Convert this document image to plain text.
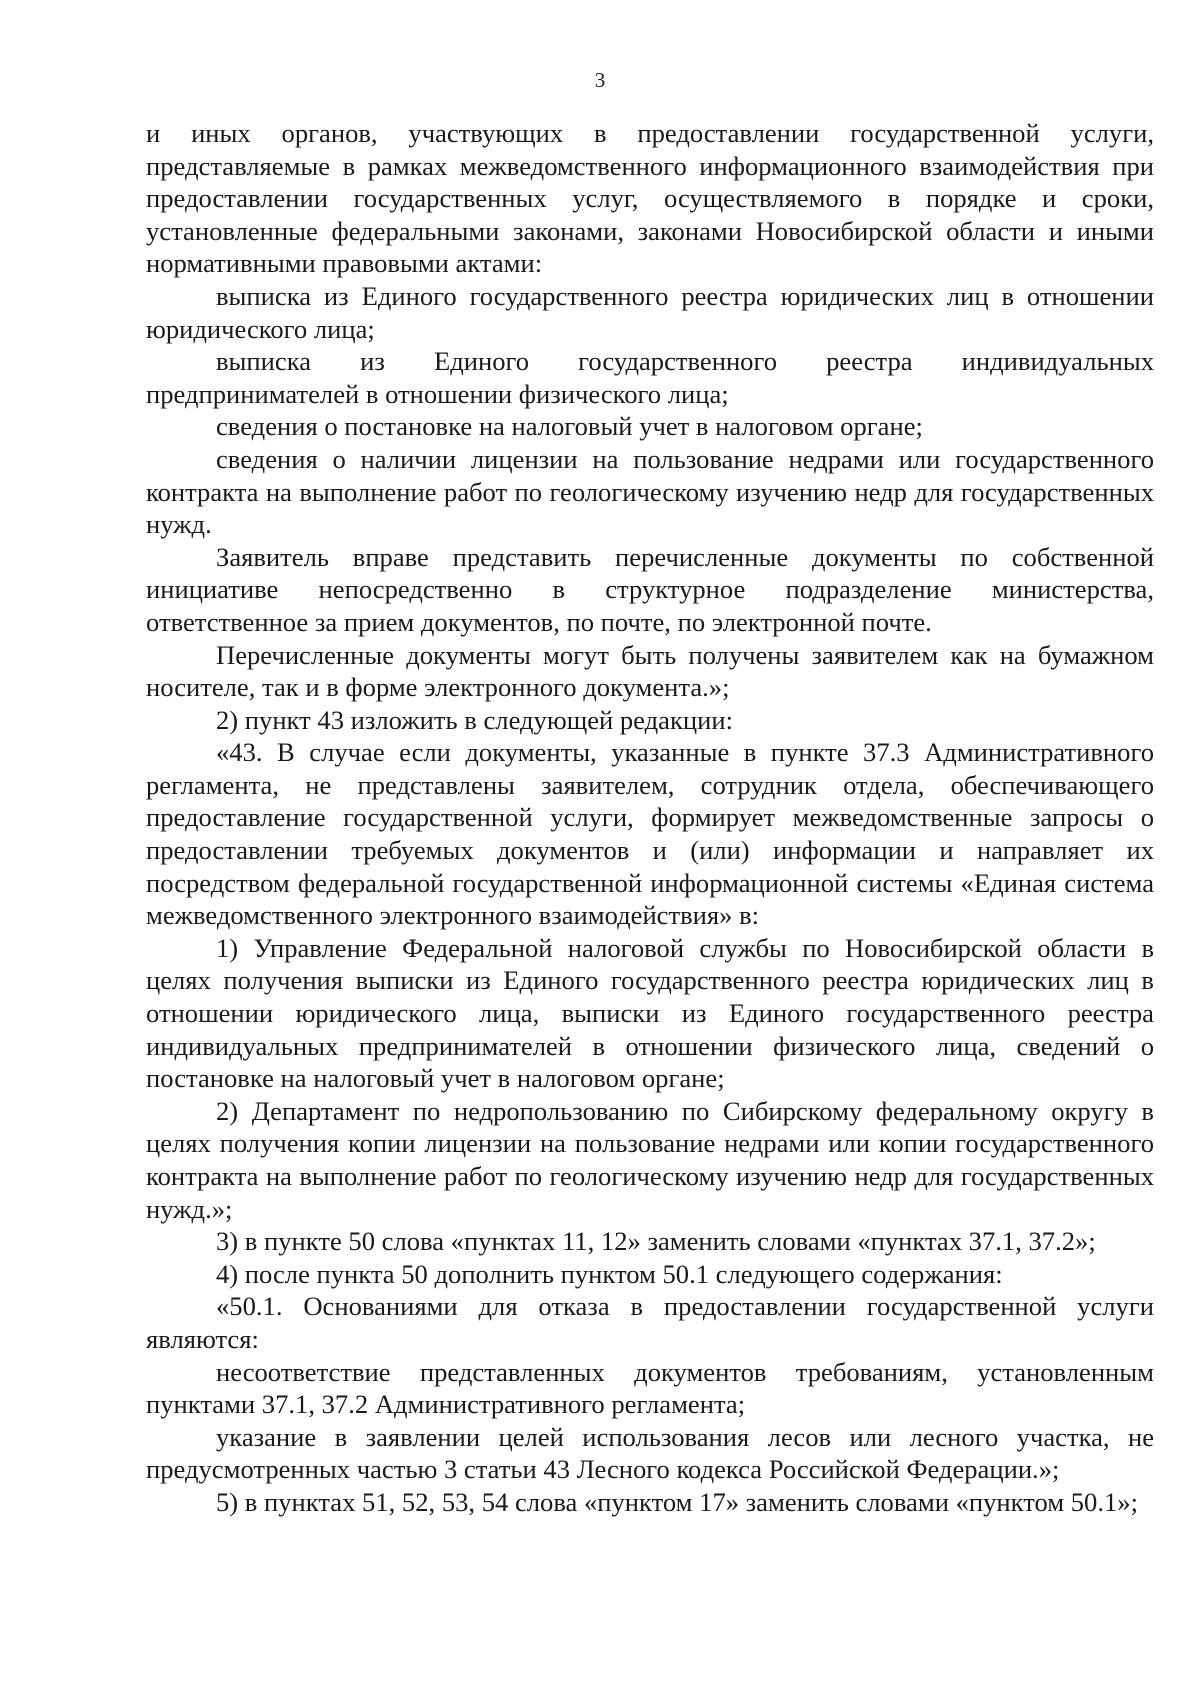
3

и иных органов, участвующих в предоставлении государственной услуги, представляемые в рамках межведомственного информационного взаимодействия при предоставлении государственных услуг, осуществляемого в порядке и сроки, установленные федеральными законами, законами Новосибирской области и иными нормативными правовыми актами:

выписка из Единого государственного реестра юридических лиц в отношении юридического лица;

выписка из Единого государственного реестра индивидуальных предпринимателей в отношении физического лица;

сведения о постановке на налоговый учет в налоговом органе;

сведения о наличии лицензии на пользование недрами или государственного контракта на выполнение работ по геологическому изучению недр для государственных нужд.

Заявитель вправе представить перечисленные документы по собственной инициативе непосредственно в структурное подразделение министерства, ответственное за прием документов, по почте, по электронной почте.

Перечисленные документы могут быть получены заявителем как на бумажном носителе, так и в форме электронного документа.»;

2) пункт 43 изложить в следующей редакции:

«43. В случае если документы, указанные в пункте 37.3 Административного регламента, не представлены заявителем, сотрудник отдела, обеспечивающего предоставление государственной услуги, формирует межведомственные запросы о предоставлении требуемых документов и (или) информации и направляет их посредством федеральной государственной информационной системы «Единая система межведомственного электронного взаимодействия» в:

1) Управление Федеральной налоговой службы по Новосибирской области в целях получения выписки из Единого государственного реестра юридических лиц в отношении юридического лица, выписки из Единого государственного реестра индивидуальных предпринимателей в отношении физического лица, сведений о постановке на налоговый учет в налоговом органе;

2) Департамент по недропользованию по Сибирскому федеральному округу в целях получения копии лицензии на пользование недрами или копии государственного контракта на выполнение работ по геологическому изучению недр для государственных нужд.»;

3) в пункте 50 слова «пунктах 11, 12» заменить словами «пунктах 37.1, 37.2»;

4) после пункта 50 дополнить пунктом 50.1 следующего содержания:

«50.1. Основаниями для отказа в предоставлении государственной услуги являются:

несоответствие представленных документов требованиям, установленным пунктами 37.1, 37.2 Административного регламента;

указание в заявлении целей использования лесов или лесного участка, не предусмотренных частью 3 статьи 43 Лесного кодекса Российской Федерации.»;

5) в пунктах 51, 52, 53, 54 слова «пунктом 17» заменить словами «пунктом 50.1»;
